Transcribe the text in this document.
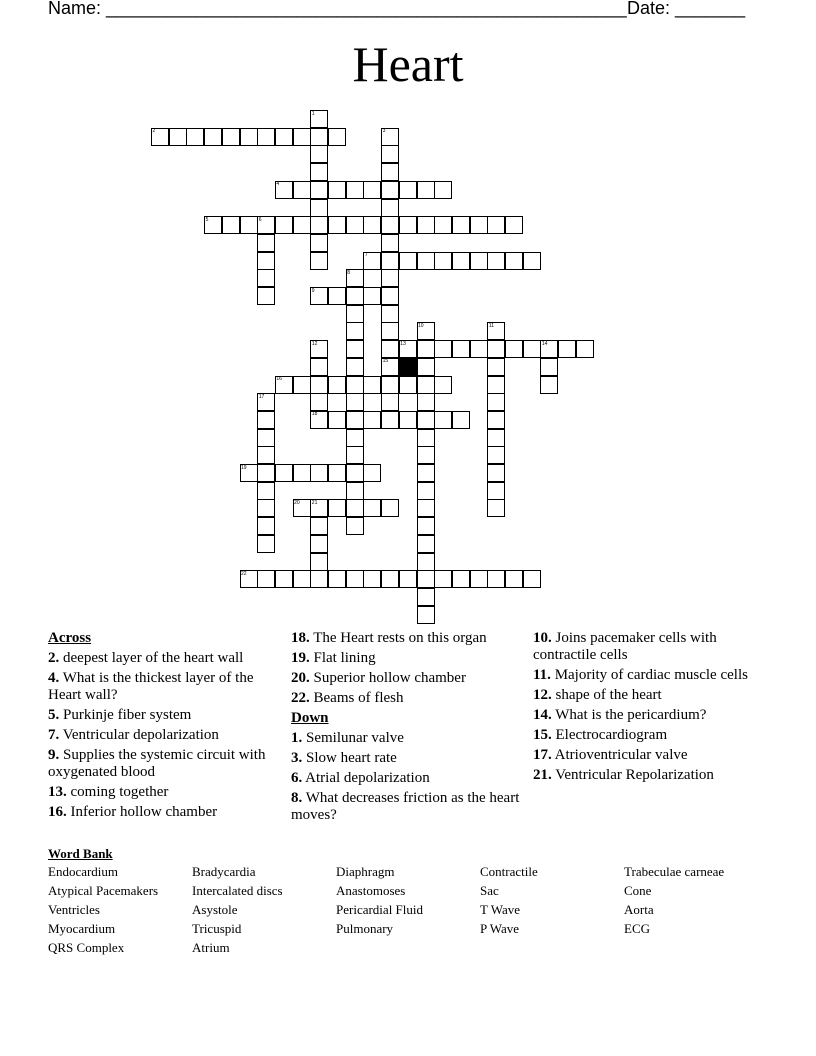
Name: ____________________________________________________ Date: _______
Heart
2
4
5
7
9
13
16
18
19
20
22
1
3
6
8
10	11
12	14
15
17
21
Across
2. deepest layer of the heart wall
4. What is the thickest layer of the Heart wall?
5. Purkinje fiber system
7. Ventricular depolarization
9. Supplies the systemic circuit with oxygenated blood
13. coming together
16. Inferior hollow chamber
18. The Heart rests on this organ
19. Flat lining
20. Superior hollow chamber
22. Beams of flesh
Down
1. Semilunar valve
3. Slow heart rate
6. Atrial depolarization
8. What decreases friction as the heart moves?
10. Joins pacemaker cells with contractile cells
11. Majority of cardiac muscle cells
12. shape of the heart
14. What is the pericardium?
15. Electrocardiogram
17. Atrioventricular valve
21. Ventricular Repolarization
Word Bank
Endocardium
Atypical Pacemakers
Ventricles
Myocardium
QRS Complex
Bradycardia
Intercalated discs
Asystole
Tricuspid
Atrium
Diaphragm
Anastomoses
Pericardial Fluid
Pulmonary
Contractile
Sac
T Wave
P Wave
Trabeculae carneae
Cone
Aorta
ECG
